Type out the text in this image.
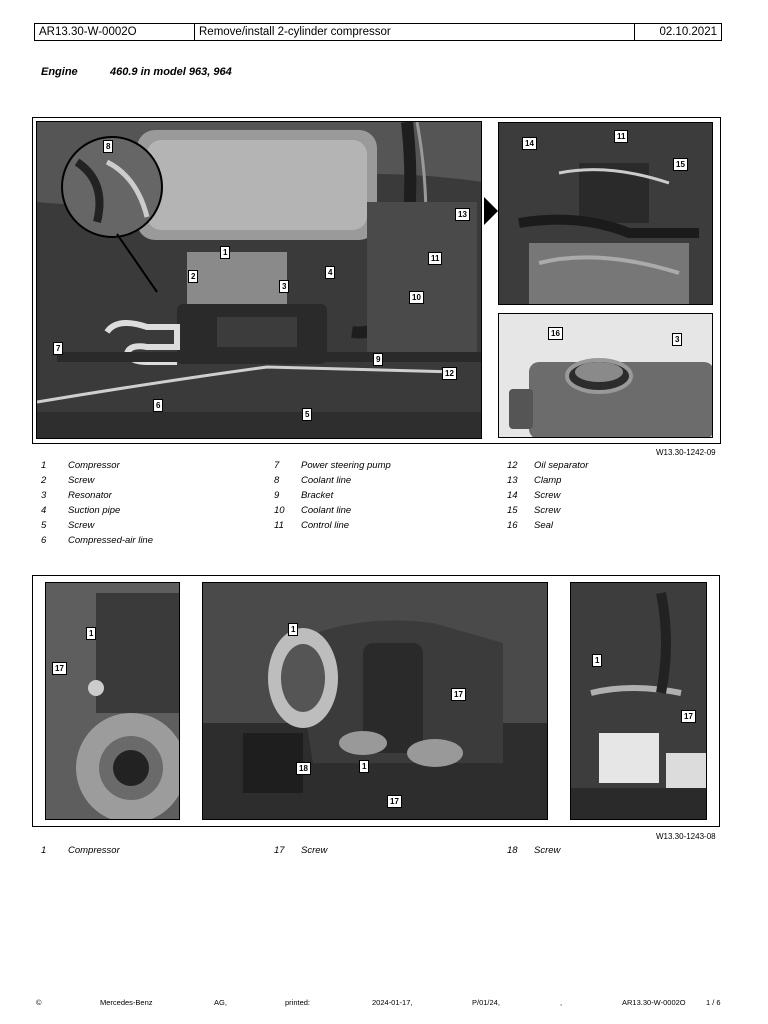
AR13.30-W-0002O	Remove/install 2-cylinder compressor	02.10.2021
Engine	460.9 in model 963, 964
8
1
2
3
7
4
13
11
10
9
12
6
5
14
11
15
16
3
W13.30-1242-09
1 Compressor
2 Screw
3 Resonator
4 Suction pipe
5 Screw
6 Compressed-air line
7 Power steering pump
8 Coolant line
9 Bracket
10 Coolant line
11 Control line
12 Oil separator
13 Clamp
14 Screw
15 Screw
16 Seal
1
17
1
17
18	1
17
1
17
W13.30-1243-08
1 Compressor	17 Screw	18 Screw
©	Mercedes-Benz	AG,	printed:	2024-01-17,	P/01/24,	,	AR13.30-W-0002O	1 / 6
